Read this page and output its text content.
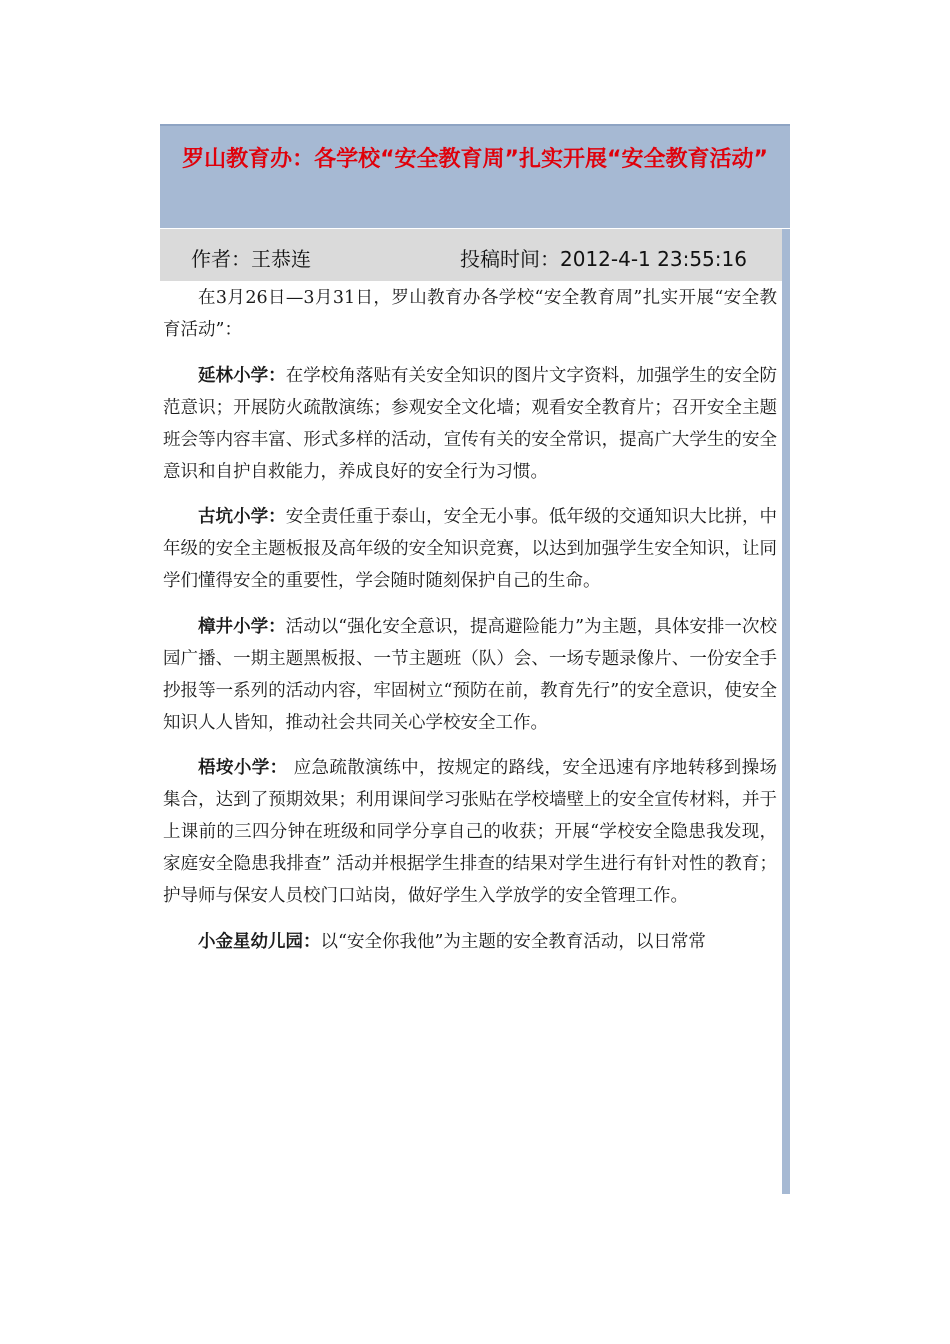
罗山教育办：各学校“安全教育周”扎实开展“安全教育活动”
作者：王恭连	投稿时间：2012-4-1 23:55:16

在3月26日—3月31日，罗山教育办各学校“安全教育周”扎实开展“安全教育活动”：

延林小学：在学校角落贴有关安全知识的图片文字资料，加强学生的安全防范意识；开展防火疏散演练；参观安全文化墙；观看安全教育片；召开安全主题班会等内容丰富、形式多样的活动，宣传有关的安全常识，提高广大学生的安全意识和自护自救能力，养成良好的安全行为习惯。

古坑小学：安全责任重于泰山，安全无小事。低年级的交通知识大比拼，中年级的安全主题板报及高年级的安全知识竞赛，以达到加强学生安全知识，让同学们懂得安全的重要性，学会随时随刻保护自己的生命。

樟井小学：活动以“强化安全意识，提高避险能力”为主题，具体安排一次校园广播、一期主题黑板报、一节主题班（队）会、一场专题录像片、一份安全手抄报等一系列的活动内容，牢固树立“预防在前，教育先行”的安全意识，使安全知识人人皆知，推动社会共同关心学校安全工作。

梧垵小学： 应急疏散演练中，按规定的路线，安全迅速有序地转移到操场集合，达到了预期效果；利用课间学习张贴在学校墙壁上的安全宣传材料，并于上课前的三四分钟在班级和同学分享自己的收获；开展“学校安全隐患我发现，家庭安全隐患我排查” 活动并根据学生排查的结果对学生进行有针对性的教育；护导师与保安人员校门口站岗，做好学生入学放学的安全管理工作。

小金星幼儿园：以“安全你我他”为主题的安全教育活动，以日常常
